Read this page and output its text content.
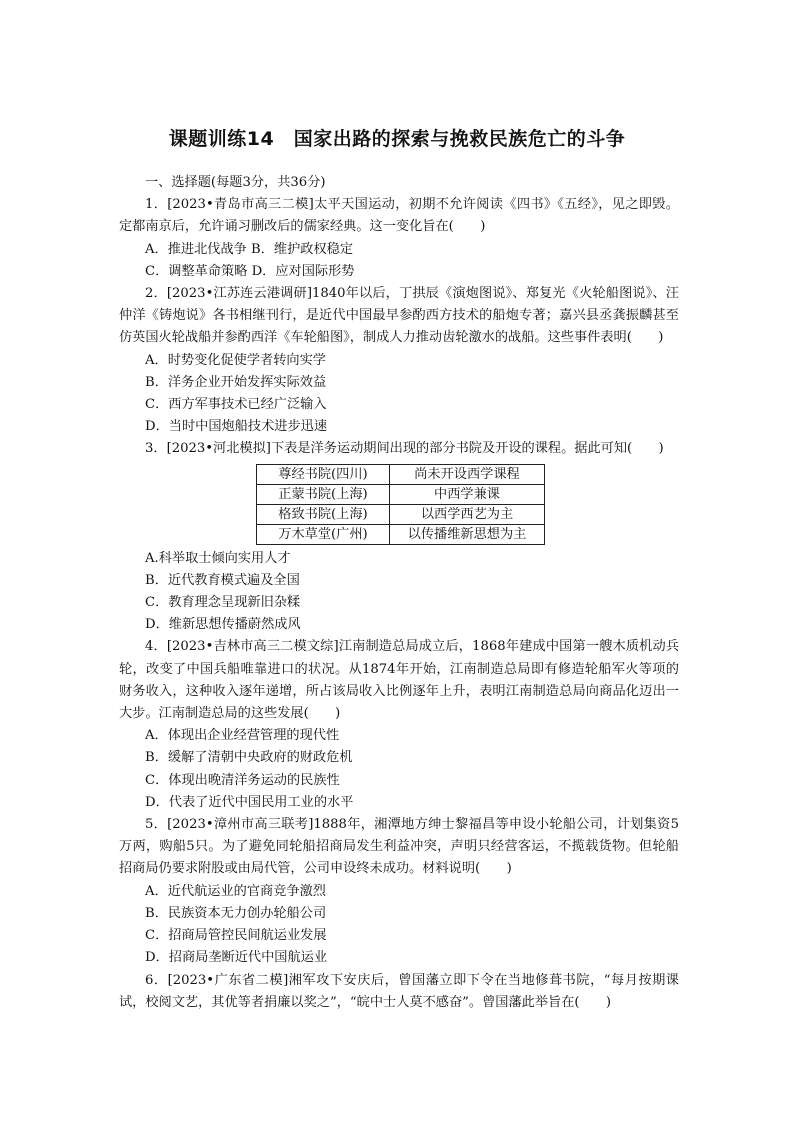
课题训练14　国家出路的探索与挽救民族危亡的斗争
一、选择题(每题3分，共36分)
1．[2023•青岛市高三二模]太平天国运动，初期不允许阅读《四书》《五经》，见之即毁。定都南京后，允许诵习删改后的儒家经典。这一变化旨在(　　)
A．推进北伐战争 B．维护政权稳定
C．调整革命策略 D．应对国际形势
2．[2023•江苏连云港调研]1840年以后，丁拱辰《演炮图说》、郑复光《火轮船图说》、汪仲洋《铸炮说》各书相继刊行，是近代中国最早参酌西方技术的船炮专著；嘉兴县丞龚振麟甚至仿英国火轮战船并参酌西洋《车轮船图》，制成人力推动齿轮激水的战船。这些事件表明(　　)
A．时势变化促使学者转向实学
B．洋务企业开始发挥实际效益
C．西方军事技术已经广泛输入
D．当时中国炮船技术进步迅速
3．[2023•河北模拟]下表是洋务运动期间出现的部分书院及开设的课程。据此可知(　　)
尊经书院(四川)	尚未开设西学课程
正蒙书院(上海)	中西学兼课
格致书院(上海)	以西学西艺为主
万木草堂(广州)	以传播维新思想为主
A.科举取士倾向实用人才
B．近代教育模式遍及全国
C．教育理念呈现新旧杂糅
D．维新思想传播蔚然成风
4．[2023•吉林市高三二模文综]江南制造总局成立后，1868年建成中国第一艘木质机动兵轮，改变了中国兵船唯靠进口的状况。从1874年开始，江南制造总局即有修造轮船军火等项的财务收入，这种收入逐年递增，所占该局收入比例逐年上升，表明江南制造总局向商品化迈出一大步。江南制造总局的这些发展(　　)
A．体现出企业经营管理的现代性
B．缓解了清朝中央政府的财政危机
C．体现出晚清洋务运动的民族性
D．代表了近代中国民用工业的水平
5．[2023•漳州市高三联考]1888年，湘潭地方绅士黎福昌等申设小轮船公司，计划集资5万两，购船5只。为了避免同轮船招商局发生利益冲突，声明只经营客运，不揽载货物。但轮船招商局仍要求附股或由局代管，公司申设终未成功。材料说明(　　)
A．近代航运业的官商竞争激烈
B．民族资本无力创办轮船公司
C．招商局管控民间航运业发展
D．招商局垄断近代中国航运业
6．[2023•广东省二模]湘军攻下安庆后，曾国藩立即下令在当地修葺书院，“每月按期课试，校阅文艺，其优等者捐廉以奖之”，“皖中士人莫不感奋”。曾国藩此举旨在(　　)
